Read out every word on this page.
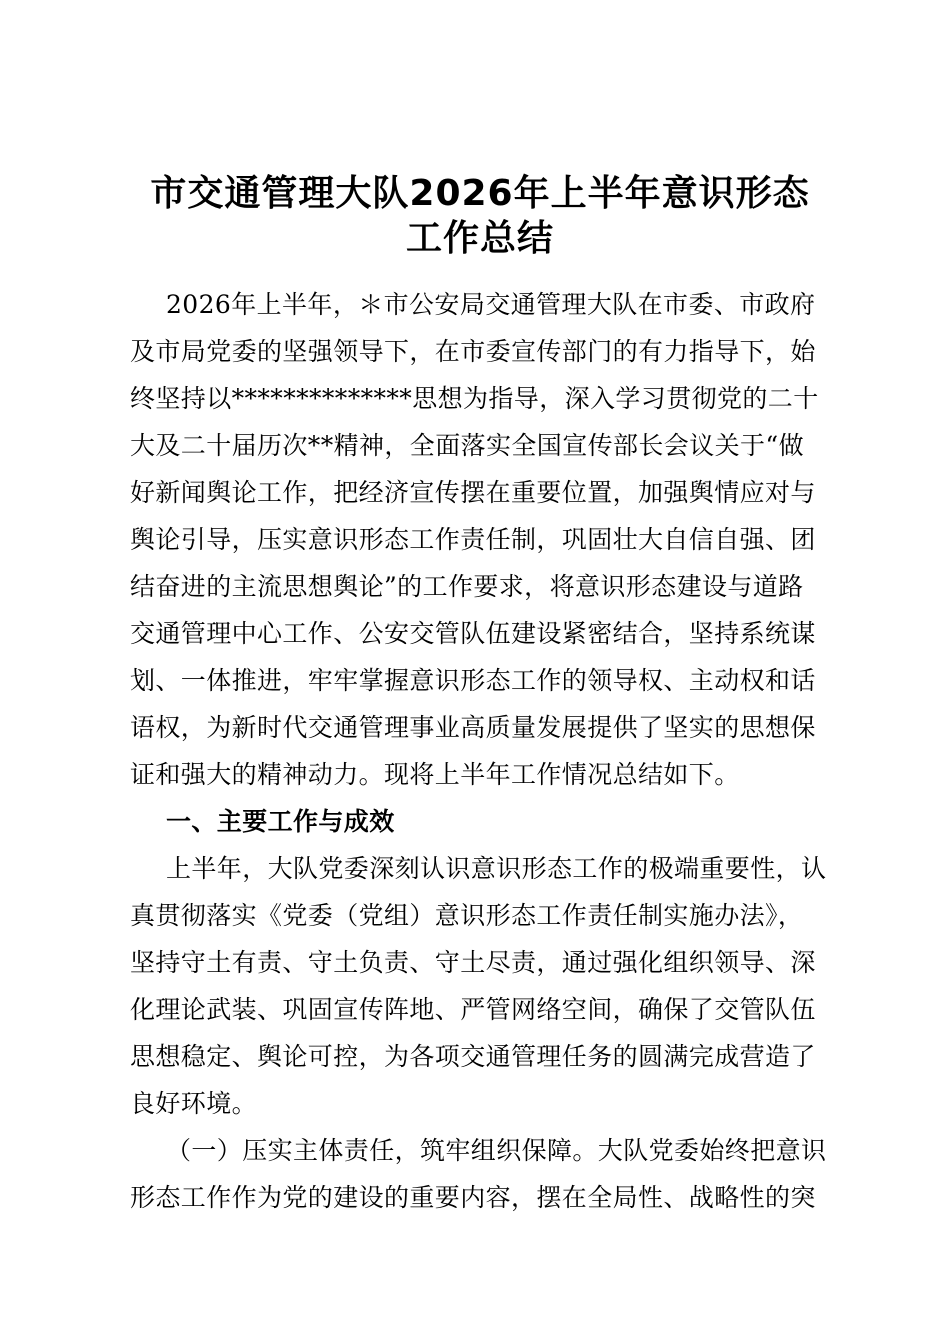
市交通管理大队2026年上半年意识形态
工作总结
2026年上半年，＊市公安局交通管理大队在市委、市政府
及市局党委的坚强领导下，在市委宣传部门的有力指导下，始
终坚持以**************思想为指导，深入学习贯彻党的二十
大及二十届历次**精神，全面落实全国宣传部长会议关于“做
好新闻舆论工作，把经济宣传摆在重要位置，加强舆情应对与
舆论引导，压实意识形态工作责任制，巩固壮大自信自强、团
结奋进的主流思想舆论”的工作要求，将意识形态建设与道路
交通管理中心工作、公安交管队伍建设紧密结合，坚持系统谋
划、一体推进，牢牢掌握意识形态工作的领导权、主动权和话
语权，为新时代交通管理事业高质量发展提供了坚实的思想保
证和强大的精神动力。现将上半年工作情况总结如下。
一、主要工作与成效
上半年，大队党委深刻认识意识形态工作的极端重要性，认
真贯彻落实《党委（党组）意识形态工作责任制实施办法》，
坚持守土有责、守土负责、守土尽责，通过强化组织领导、深
化理论武装、巩固宣传阵地、严管网络空间，确保了交管队伍
思想稳定、舆论可控，为各项交通管理任务的圆满完成营造了
良好环境。
（一）压实主体责任，筑牢组织保障。大队党委始终把意识
形态工作作为党的建设的重要内容，摆在全局性、战略性的突
